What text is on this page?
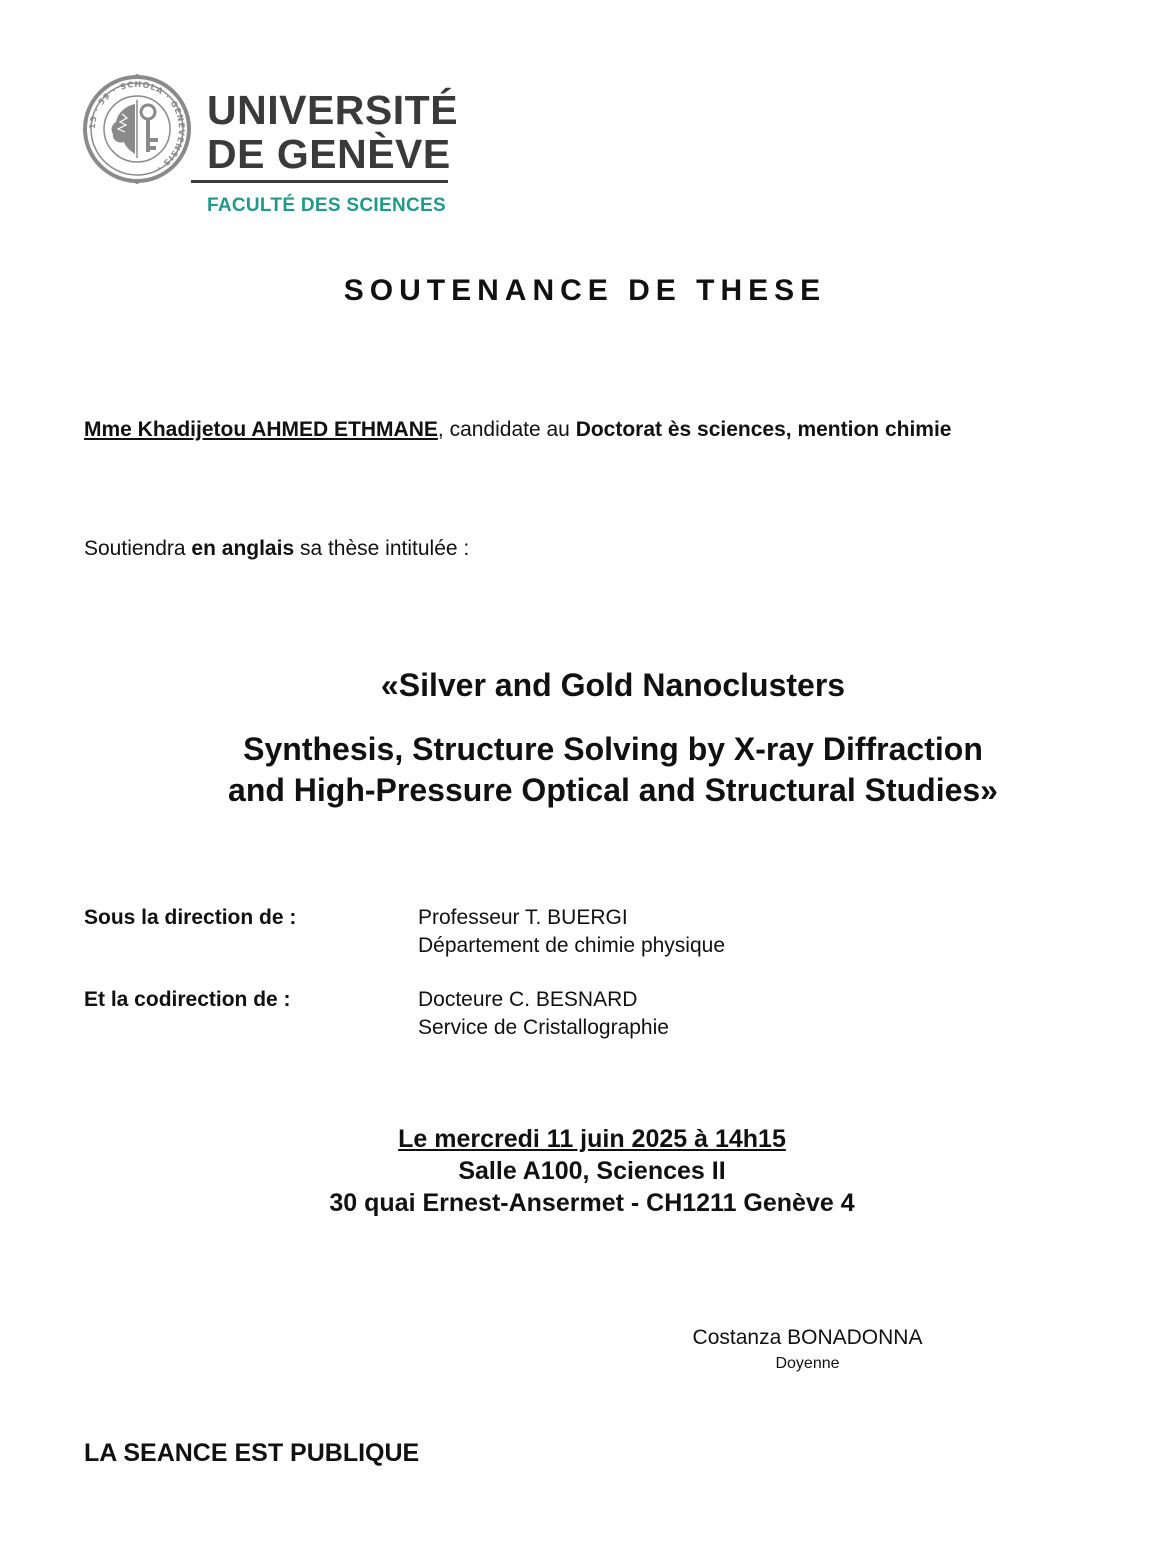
15 · 59 · SCHOLA · GENEVENSIS ·
UNIVERSITÉ
DE GENÈVE
FACULTÉ DES SCIENCES
SOUTENANCE DE THESE
Mme Khadijetou AHMED ETHMANE, candidate au Doctorat ès sciences, mention chimie
Soutiendra en anglais sa thèse intitulée :
«Silver and Gold Nanoclusters
Synthesis, Structure Solving by X-ray Diffraction
and High-Pressure Optical and Structural Studies»
Sous la direction de :	Professeur T. BUERGI
Département de chimie physique
Et la codirection de :	Docteure C. BESNARD
Service de Cristallographie
Le mercredi 11 juin 2025 à 14h15
Salle A100, Sciences II
30 quai Ernest-Ansermet - CH1211 Genève 4
Costanza BONADONNA
Doyenne
LA SEANCE EST PUBLIQUE
